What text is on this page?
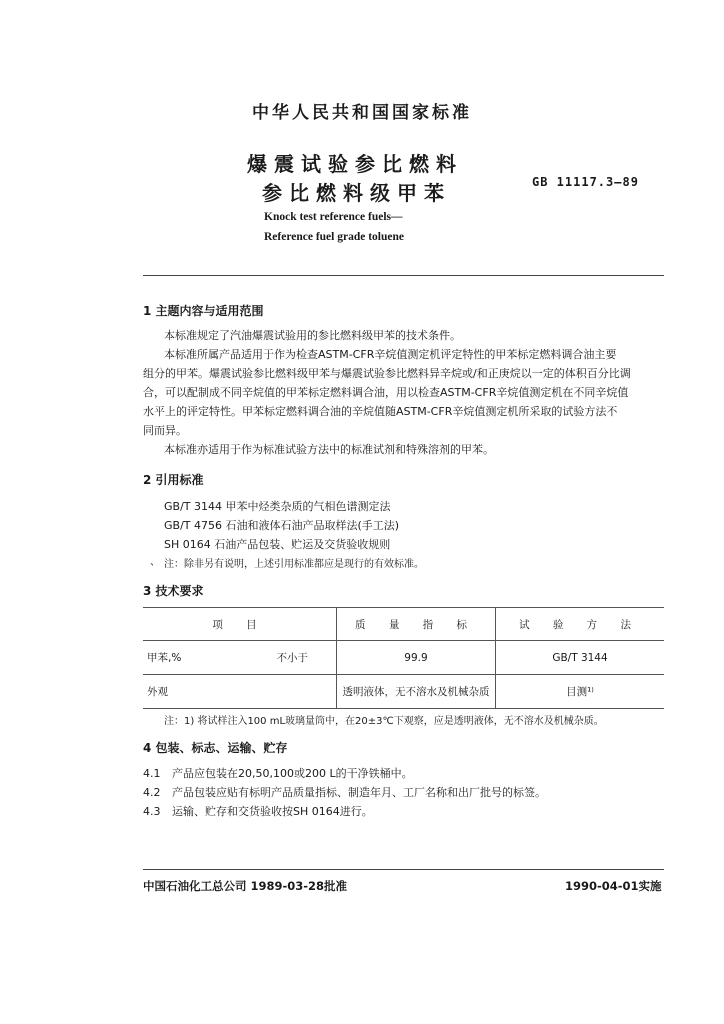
中华人民共和国国家标准
爆震试验参比燃料
参比燃料级甲苯	GB 11117.3—89
Knock test reference fuels—
Reference fuel grade toluene
1 主题内容与适用范围
本标准规定了汽油爆震试验用的参比燃料级甲苯的技术条件。
本标准所属产品适用于作为检查ASTM-CFR辛烷值测定机评定特性的甲苯标定燃料调合油主要
组分的甲苯。爆震试验参比燃料级甲苯与爆震试验参比燃料异辛烷或/和正庚烷以一定的体积百分比调
合，可以配制成不同辛烷值的甲苯标定燃料调合油，用以检查ASTM-CFR辛烷值测定机在不同辛烷值
水平上的评定特性。甲苯标定燃料调合油的辛烷值随ASTM-CFR辛烷值测定机所采取的试验方法不
同而异。
本标准亦适用于作为标准试验方法中的标准试剂和特殊溶剂的甲苯。
2 引用标准
GB/T 3144 甲苯中烃类杂质的气相色谱测定法
GB/T 4756 石油和液体石油产品取样法(手工法)
SH 0164 石油产品包装、贮运及交货验收规则
、 注：除非另有说明，上述引用标准都应是现行的有效标准。
3 技术要求
项 目	质 量 指 标	试 验 方 法

甲苯,% 不小于	99.9	GB/T 3144

外观	透明液体，无不溶水及机械杂质	目测¹⁾
注：1) 将试样注入100 mL玻璃量筒中，在20±3℃下观察，应是透明液体，无不溶水及机械杂质。
4 包装、标志、运输、贮存
4.1 产品应包装在20,50,100或200 L的干净铁桶中。
4.2 产品包装应贴有标明产品质量指标、制造年月、工厂名称和出厂批号的标签。
4.3 运输、贮存和交货验收按SH 0164进行。
中国石油化工总公司 1989-03-28批准	1990-04-01实施
